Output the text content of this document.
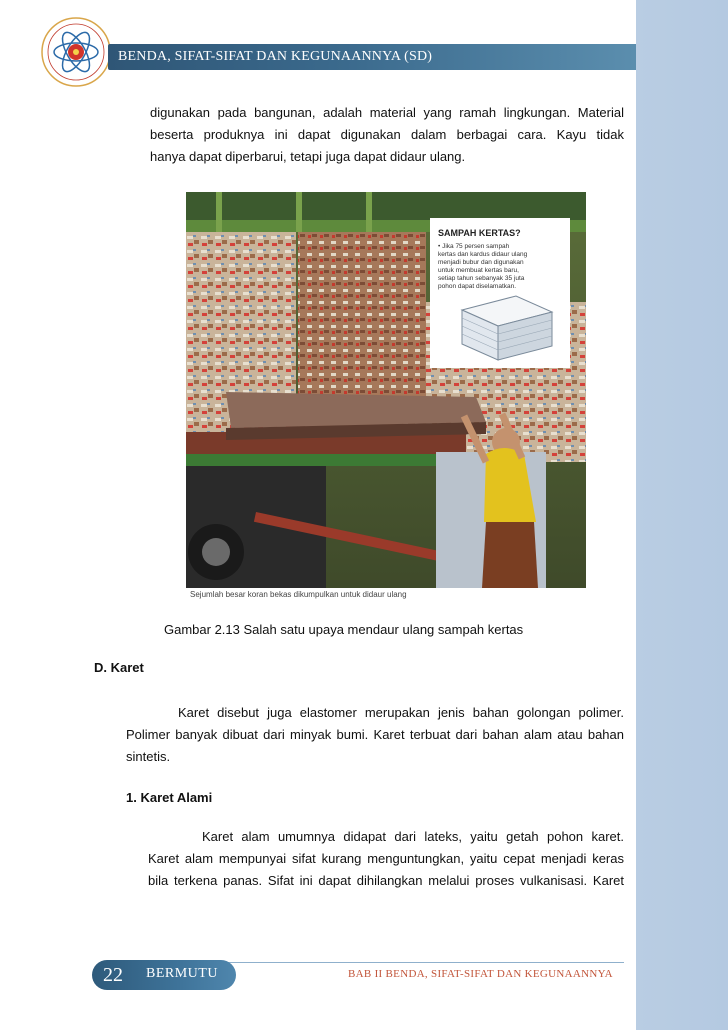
BENDA, SIFAT-SIFAT DAN KEGUNAANNYA (SD)
digunakan pada bangunan, adalah material yang ramah lingkungan. Material
beserta produknya ini dapat digunakan dalam berbagai cara. Kayu tidak
hanya dapat diperbarui, tetapi juga dapat didaur ulang.
SAMPAH KERTAS?
• Jika 75 persen sampah
kertas dan kardus didaur ulang
menjadi bubur dan digunakan
untuk membuat kertas baru,
setiap tahun sebanyak 35 juta
pohon dapat diselamatkan.
Sejumlah besar koran bekas dikumpulkan untuk didaur ulang
Gambar 2.13 Salah satu upaya mendaur ulang sampah kertas
D. Karet
Karet disebut juga elastomer merupakan jenis bahan golongan polimer.
Polimer banyak dibuat dari minyak bumi. Karet terbuat dari bahan alam atau bahan
sintetis.
1. Karet Alami
Karet alam umumnya didapat dari lateks, yaitu getah pohon karet.
Karet alam mempunyai sifat kurang menguntungkan, yaitu cepat menjadi keras
bila terkena panas. Sifat ini dapat dihilangkan melalui proses vulkanisasi. Karet
22	BERMUTU	BAB II BENDA, SIFAT-SIFAT DAN KEGUNAANNYA
